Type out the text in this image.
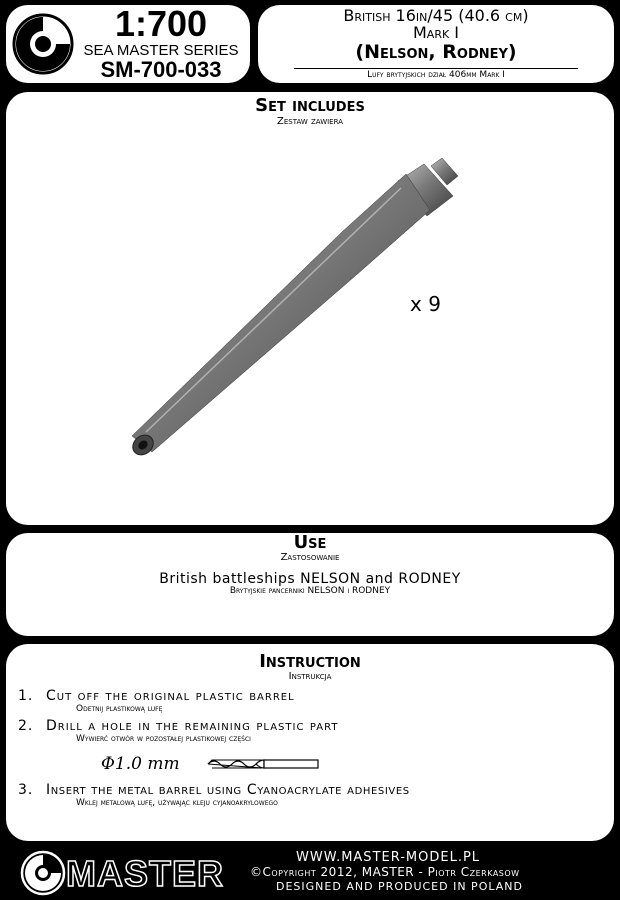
1:700
SEA MASTER SERIES
SM-700-033
British 16in/45 (40.6 cm)
Mark I
(Nelson, Rodney)
Lufy brytyjskich dział 406mm Mark I
Set includes
Zestaw zawiera
x 9
Use
Zastosowanie
British battleships NELSON and RODNEY
Brytyjskie pancerniki NELSON i RODNEY
Instruction
Instrukcja
1. Cut off the original plastic barrel
Odetnij plastikową lufę
2. Drill a hole in the remaining plastic part
Wywierć otwór w pozostałej plastikowej części
Φ1.0 mm
3. Insert the metal barrel using Cyanoacrylate adhesives
Wklej metalową lufę, używając kleju cyjanoakrylowego
MASTER	WWW.MASTER-MODEL.PL
©Copyright 2012, MASTER - Piotr Czerkasow
DESIGNED AND PRODUCED IN POLAND
